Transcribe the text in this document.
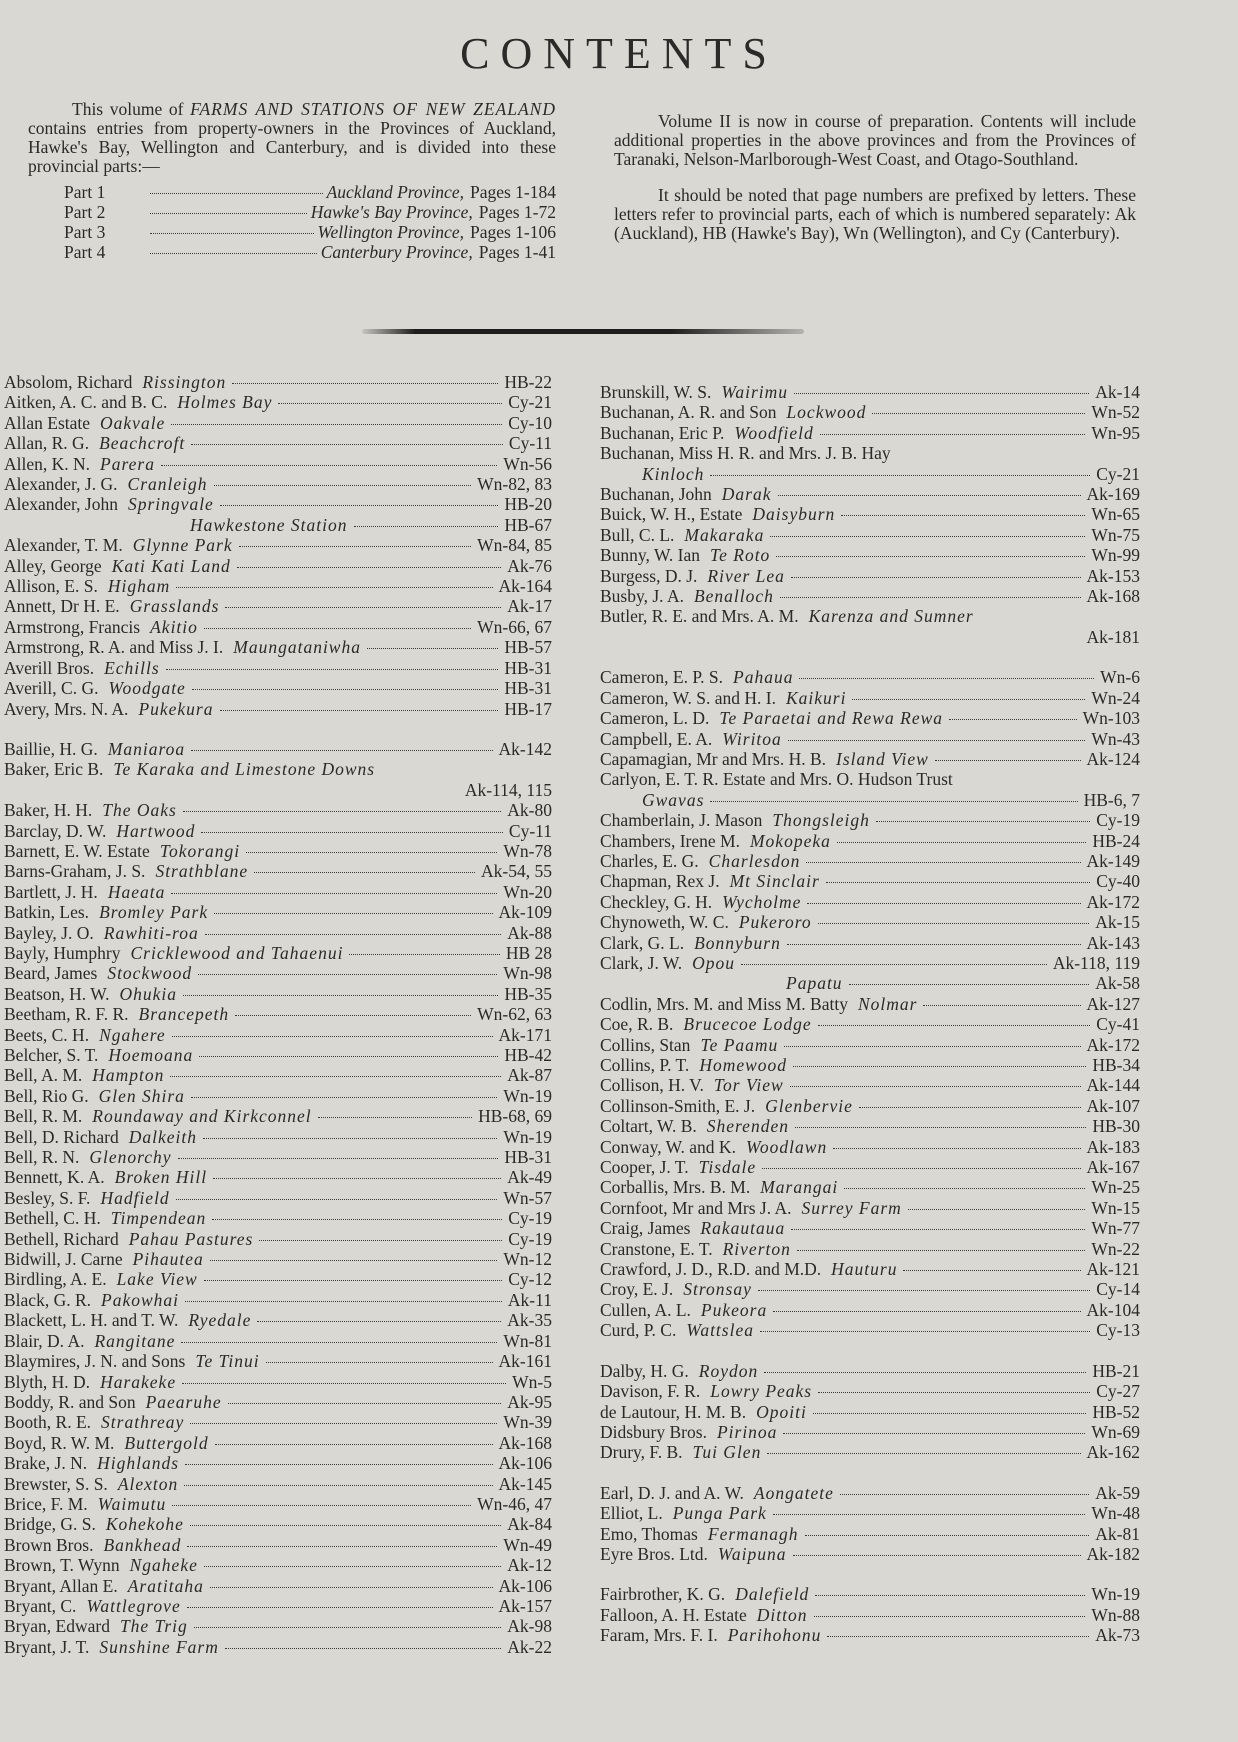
CONTENTS

This volume of FARMS AND STATIONS OF NEW ZEALAND contains entries from property-owners in the Provinces of Auckland, Hawke's Bay, Wellington and Canterbury, and is divided into these provincial parts:—

Part 1	Auckland Province, Pages 1-184
Part 2	Hawke's Bay Province, Pages 1-72
Part 3	Wellington Province, Pages 1-106
Part 4	Canterbury Province, Pages 1-41

Volume II is now in course of preparation. Contents will include additional properties in the above provinces and from the Provinces of Taranaki, Nelson-Marlborough-West Coast, and Otago-Southland.

It should be noted that page numbers are prefixed by letters. These letters refer to provincial parts, each of which is numbered separately: Ak (Auckland), HB (Hawke's Bay), Wn (Wellington), and Cy (Canterbury).

Absolom, Richard Rissington	HB-22
Aitken, A. C. and B. C. Holmes Bay	Cy-21
Allan Estate Oakvale	Cy-10
Allan, R. G. Beachcroft	Cy-11
Allen, K. N. Parera	Wn-56
Alexander, J. G. Cranleigh	Wn-82, 83
Alexander, John Springvale	HB-20
Hawkestone Station	HB-67
Alexander, T. M. Glynne Park	Wn-84, 85
Alley, George Kati Kati Land	Ak-76
Allison, E. S. Higham	Ak-164
Annett, Dr H. E. Grasslands	Ak-17
Armstrong, Francis Akitio	Wn-66, 67
Armstrong, R. A. and Miss J. I. Maungataniwha	HB-57
Averill Bros. Echills	HB-31
Averill, C. G. Woodgate	HB-31
Avery, Mrs. N. A. Pukekura	HB-17
Baillie, H. G. Maniaroa	Ak-142
Baker, Eric B. Te Karaka and Limestone Downs
Ak-114, 115
Baker, H. H. The Oaks	Ak-80
Barclay, D. W. Hartwood	Cy-11
Barnett, E. W. Estate Tokorangi	Wn-78
Barns-Graham, J. S. Strathblane	Ak-54, 55
Bartlett, J. H. Haeata	Wn-20
Batkin, Les. Bromley Park	Ak-109
Bayley, J. O. Rawhiti-roa	Ak-88
Bayly, Humphry Cricklewood and Tahaenui	HB 28
Beard, James Stockwood	Wn-98
Beatson, H. W. Ohukia	HB-35
Beetham, R. F. R. Brancepeth	Wn-62, 63
Beets, C. H. Ngahere	Ak-171
Belcher, S. T. Hoemoana	HB-42
Bell, A. M. Hampton	Ak-87
Bell, Rio G. Glen Shira	Wn-19
Bell, R. M. Roundaway and Kirkconnel	HB-68, 69
Bell, D. Richard Dalkeith	Wn-19
Bell, R. N. Glenorchy	HB-31
Bennett, K. A. Broken Hill	Ak-49
Besley, S. F. Hadfield	Wn-57
Bethell, C. H. Timpendean	Cy-19
Bethell, Richard Pahau Pastures	Cy-19
Bidwill, J. Carne Pihautea	Wn-12
Birdling, A. E. Lake View	Cy-12
Black, G. R. Pakowhai	Ak-11
Blackett, L. H. and T. W. Ryedale	Ak-35
Blair, D. A. Rangitane	Wn-81
Blaymires, J. N. and Sons Te Tinui	Ak-161
Blyth, H. D. Harakeke	Wn-5
Boddy, R. and Son Paearuhe	Ak-95
Booth, R. E. Strathreay	Wn-39
Boyd, R. W. M. Buttergold	Ak-168
Brake, J. N. Highlands	Ak-106
Brewster, S. S. Alexton	Ak-145
Brice, F. M. Waimutu	Wn-46, 47
Bridge, G. S. Kohekohe	Ak-84
Brown Bros. Bankhead	Wn-49
Brown, T. Wynn Ngaheke	Ak-12
Bryant, Allan E. Aratitaha	Ak-106
Bryant, C. Wattlegrove	Ak-157
Bryan, Edward The Trig	Ak-98
Bryant, J. T. Sunshine Farm	Ak-22
Brunskill, W. S. Wairimu	Ak-14
Buchanan, A. R. and Son Lockwood	Wn-52
Buchanan, Eric P. Woodfield	Wn-95
Buchanan, Miss H. R. and Mrs. J. B. Hay
Kinloch	Cy-21
Buchanan, John Darak	Ak-169
Buick, W. H., Estate Daisyburn	Wn-65
Bull, C. L. Makaraka	Wn-75
Bunny, W. Ian Te Roto	Wn-99
Burgess, D. J. River Lea	Ak-153
Busby, J. A. Benalloch	Ak-168
Butler, R. E. and Mrs. A. M. Karenza and Sumner
Ak-181
Cameron, E. P. S. Pahaua	Wn-6
Cameron, W. S. and H. I. Kaikuri	Wn-24
Cameron, L. D. Te Paraetai and Rewa Rewa	Wn-103
Campbell, E. A. Wiritoa	Wn-43
Capamagian, Mr and Mrs. H. B. Island View	Ak-124
Carlyon, E. T. R. Estate and Mrs. O. Hudson Trust
Gwavas	HB-6, 7
Chamberlain, J. Mason Thongsleigh	Cy-19
Chambers, Irene M. Mokopeka	HB-24
Charles, E. G. Charlesdon	Ak-149
Chapman, Rex J. Mt Sinclair	Cy-40
Checkley, G. H. Wycholme	Ak-172
Chynoweth, W. C. Pukeroro	Ak-15
Clark, G. L. Bonnyburn	Ak-143
Clark, J. W. Opou	Ak-118, 119
Papatu	Ak-58
Codlin, Mrs. M. and Miss M. Batty Nolmar	Ak-127
Coe, R. B. Brucecoe Lodge	Cy-41
Collins, Stan Te Paamu	Ak-172
Collins, P. T. Homewood	HB-34
Collison, H. V. Tor View	Ak-144
Collinson-Smith, E. J. Glenbervie	Ak-107
Coltart, W. B. Sherenden	HB-30
Conway, W. and K. Woodlawn	Ak-183
Cooper, J. T. Tisdale	Ak-167
Corballis, Mrs. B. M. Marangai	Wn-25
Cornfoot, Mr and Mrs J. A. Surrey Farm	Wn-15
Craig, James Rakautaua	Wn-77
Cranstone, E. T. Riverton	Wn-22
Crawford, J. D., R.D. and M.D. Hauturu	Ak-121
Croy, E. J. Stronsay	Cy-14
Cullen, A. L. Pukeora	Ak-104
Curd, P. C. Wattslea	Cy-13
Dalby, H. G. Roydon	HB-21
Davison, F. R. Lowry Peaks	Cy-27
de Lautour, H. M. B. Opoiti	HB-52
Didsbury Bros. Pirinoa	Wn-69
Drury, F. B. Tui Glen	Ak-162
Earl, D. J. and A. W. Aongatete	Ak-59
Elliot, L. Punga Park	Wn-48
Emo, Thomas Fermanagh	Ak-81
Eyre Bros. Ltd. Waipuna	Ak-182
Fairbrother, K. G. Dalefield	Wn-19
Falloon, A. H. Estate Ditton	Wn-88
Faram, Mrs. F. I. Parihohonu	Ak-73
